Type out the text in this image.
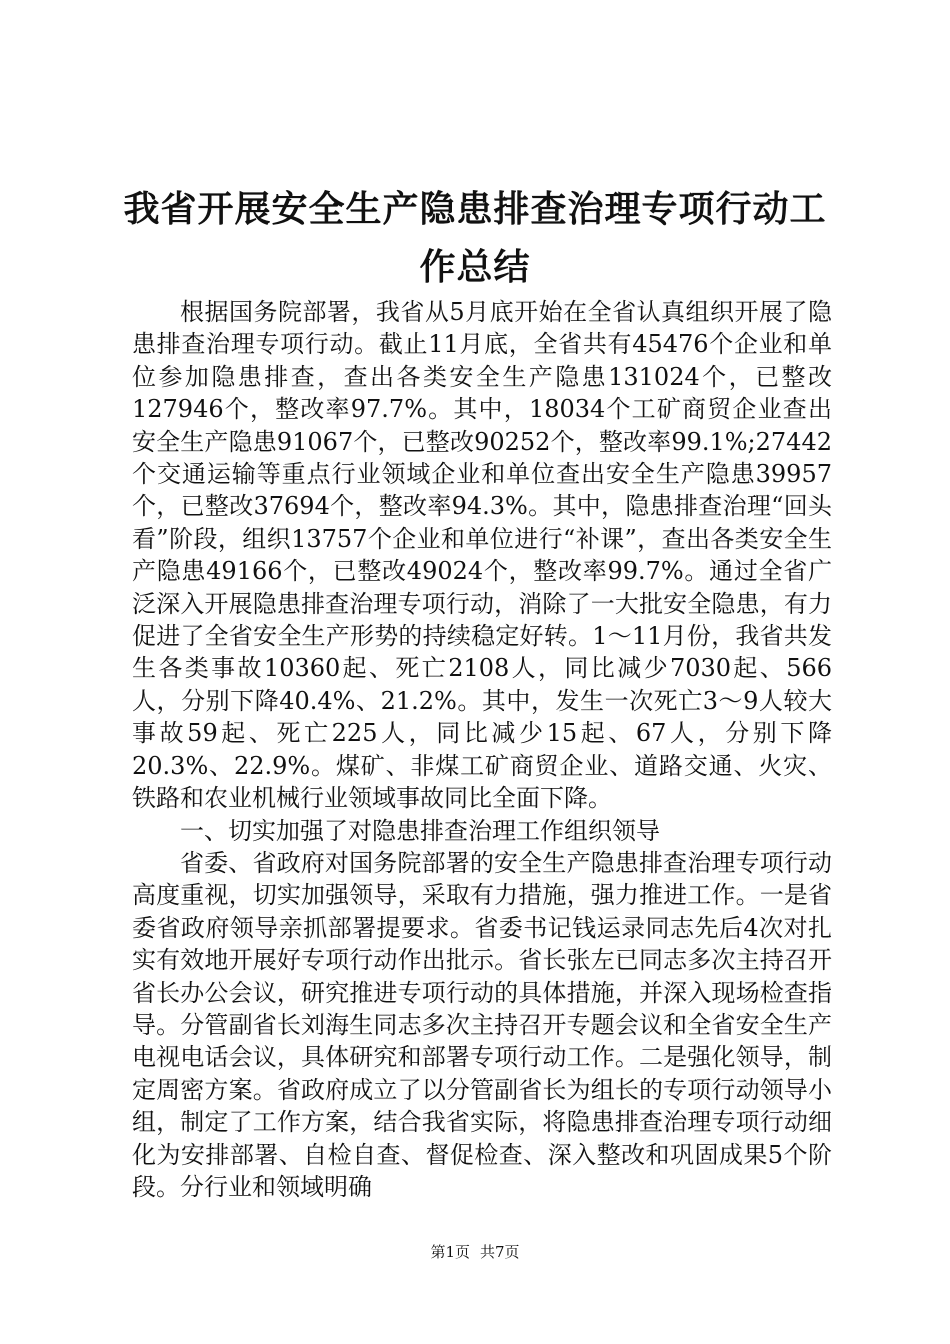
我省开展安全生产隐患排查治理专项行动工作总结

根据国务院部署，我省从5月底开始在全省认真组织开展了隐患排查治理专项行动。截止11月底，全省共有45476个企业和单位参加隐患排查，查出各类安全生产隐患131024个，已整改127946个，整改率97.7%。其中，18034个工矿商贸企业查出安全生产隐患91067个，已整改90252个，整改率99.1%;27442个交通运输等重点行业领域企业和单位查出安全生产隐患39957个，已整改37694个，整改率94.3%。其中，隐患排查治理“回头看”阶段，组织13757个企业和单位进行“补课”，查出各类安全生产隐患49166个，已整改49024个，整改率99.7%。通过全省广泛深入开展隐患排查治理专项行动，消除了一大批安全隐患，有力促进了全省安全生产形势的持续稳定好转。1～11月份，我省共发生各类事故10360起、死亡2108人，同比减少7030起、566人，分别下降40.4%、21.2%。其中，发生一次死亡3～9人较大事故59起、死亡225人，同比减少15起、67人，分别下降20.3%、22.9%。煤矿、非煤工矿商贸企业、道路交通、火灾、铁路和农业机械行业领域事故同比全面下降。

一、切实加强了对隐患排查治理工作组织领导

省委、省政府对国务院部署的安全生产隐患排查治理专项行动高度重视，切实加强领导，采取有力措施，强力推进工作。一是省委省政府领导亲抓部署提要求。省委书记钱运录同志先后4次对扎实有效地开展好专项行动作出批示。省长张左已同志多次主持召开省长办公会议，研究推进专项行动的具体措施，并深入现场检查指导。分管副省长刘海生同志多次主持召开专题会议和全省安全生产电视电话会议，具体研究和部署专项行动工作。二是强化领导，制定周密方案。省政府成立了以分管副省长为组长的专项行动领导小组，制定了工作方案，结合我省实际，将隐患排查治理专项行动细化为安排部署、自检自查、督促检查、深入整改和巩固成果5个阶段。分行业和领域明确

第1页 共7页
